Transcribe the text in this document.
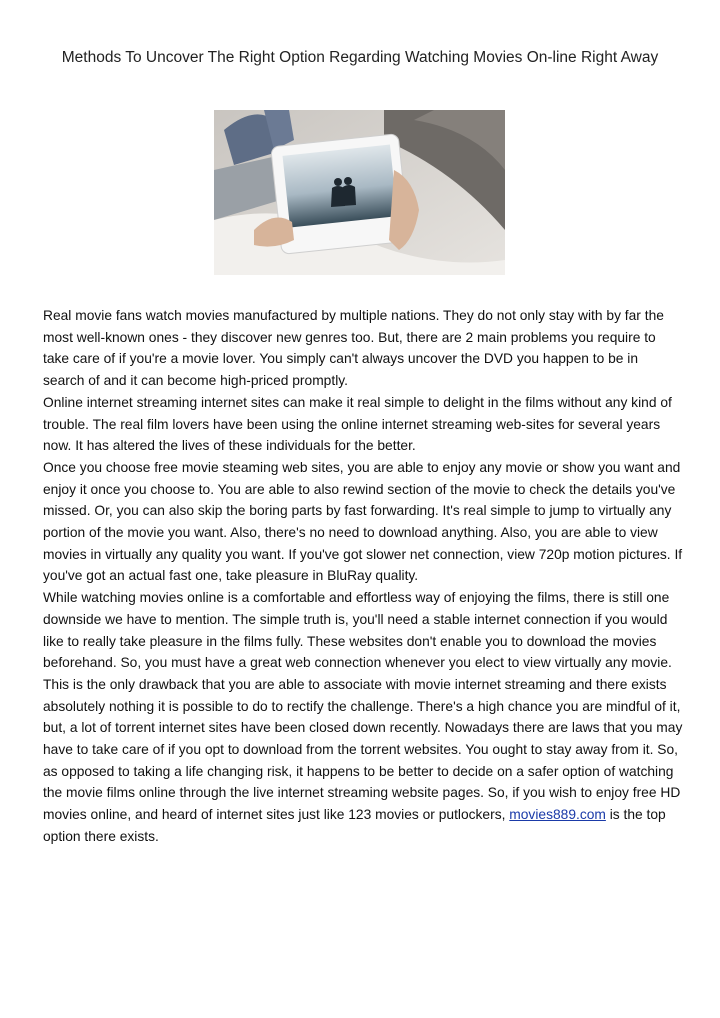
Methods To Uncover The Right Option Regarding Watching Movies On-line Right Away

Real movie fans watch movies manufactured by multiple nations. They do not only stay with by far the most well-known ones - they discover new genres too. But, there are 2 main problems you require to take care of if you're a movie lover. You simply can't always uncover the DVD you happen to be in search of and it can become high-priced promptly.

Online internet streaming internet sites can make it real simple to delight in the films without any kind of trouble. The real film lovers have been using the online internet streaming web-sites for several years now. It has altered the lives of these individuals for the better.

Once you choose free movie steaming web sites, you are able to enjoy any movie or show you want and enjoy it once you choose to. You are able to also rewind section of the movie to check the details you've missed. Or, you can also skip the boring parts by fast forwarding. It's real simple to jump to virtually any portion of the movie you want. Also, there's no need to download anything. Also, you are able to view movies in virtually any quality you want. If you've got slower net connection, view 720p motion pictures. If you've got an actual fast one, take pleasure in BluRay quality.

While watching movies online is a comfortable and effortless way of enjoying the films, there is still one downside we have to mention. The simple truth is, you'll need a stable internet connection if you would like to really take pleasure in the films fully. These websites don't enable you to download the movies beforehand. So, you must have a great web connection whenever you elect to view virtually any movie. This is the only drawback that you are able to associate with movie internet streaming and there exists absolutely nothing it is possible to do to rectify the challenge. There's a high chance you are mindful of it, but, a lot of torrent internet sites have been closed down recently. Nowadays there are laws that you may have to take care of if you opt to download from the torrent websites. You ought to stay away from it. So, as opposed to taking a life changing risk, it happens to be better to decide on a safer option of watching the movie films online through the live internet streaming website pages. So, if you wish to enjoy free HD movies online, and heard of internet sites just like 123 movies or putlockers, movies889.com is the top option there exists.
